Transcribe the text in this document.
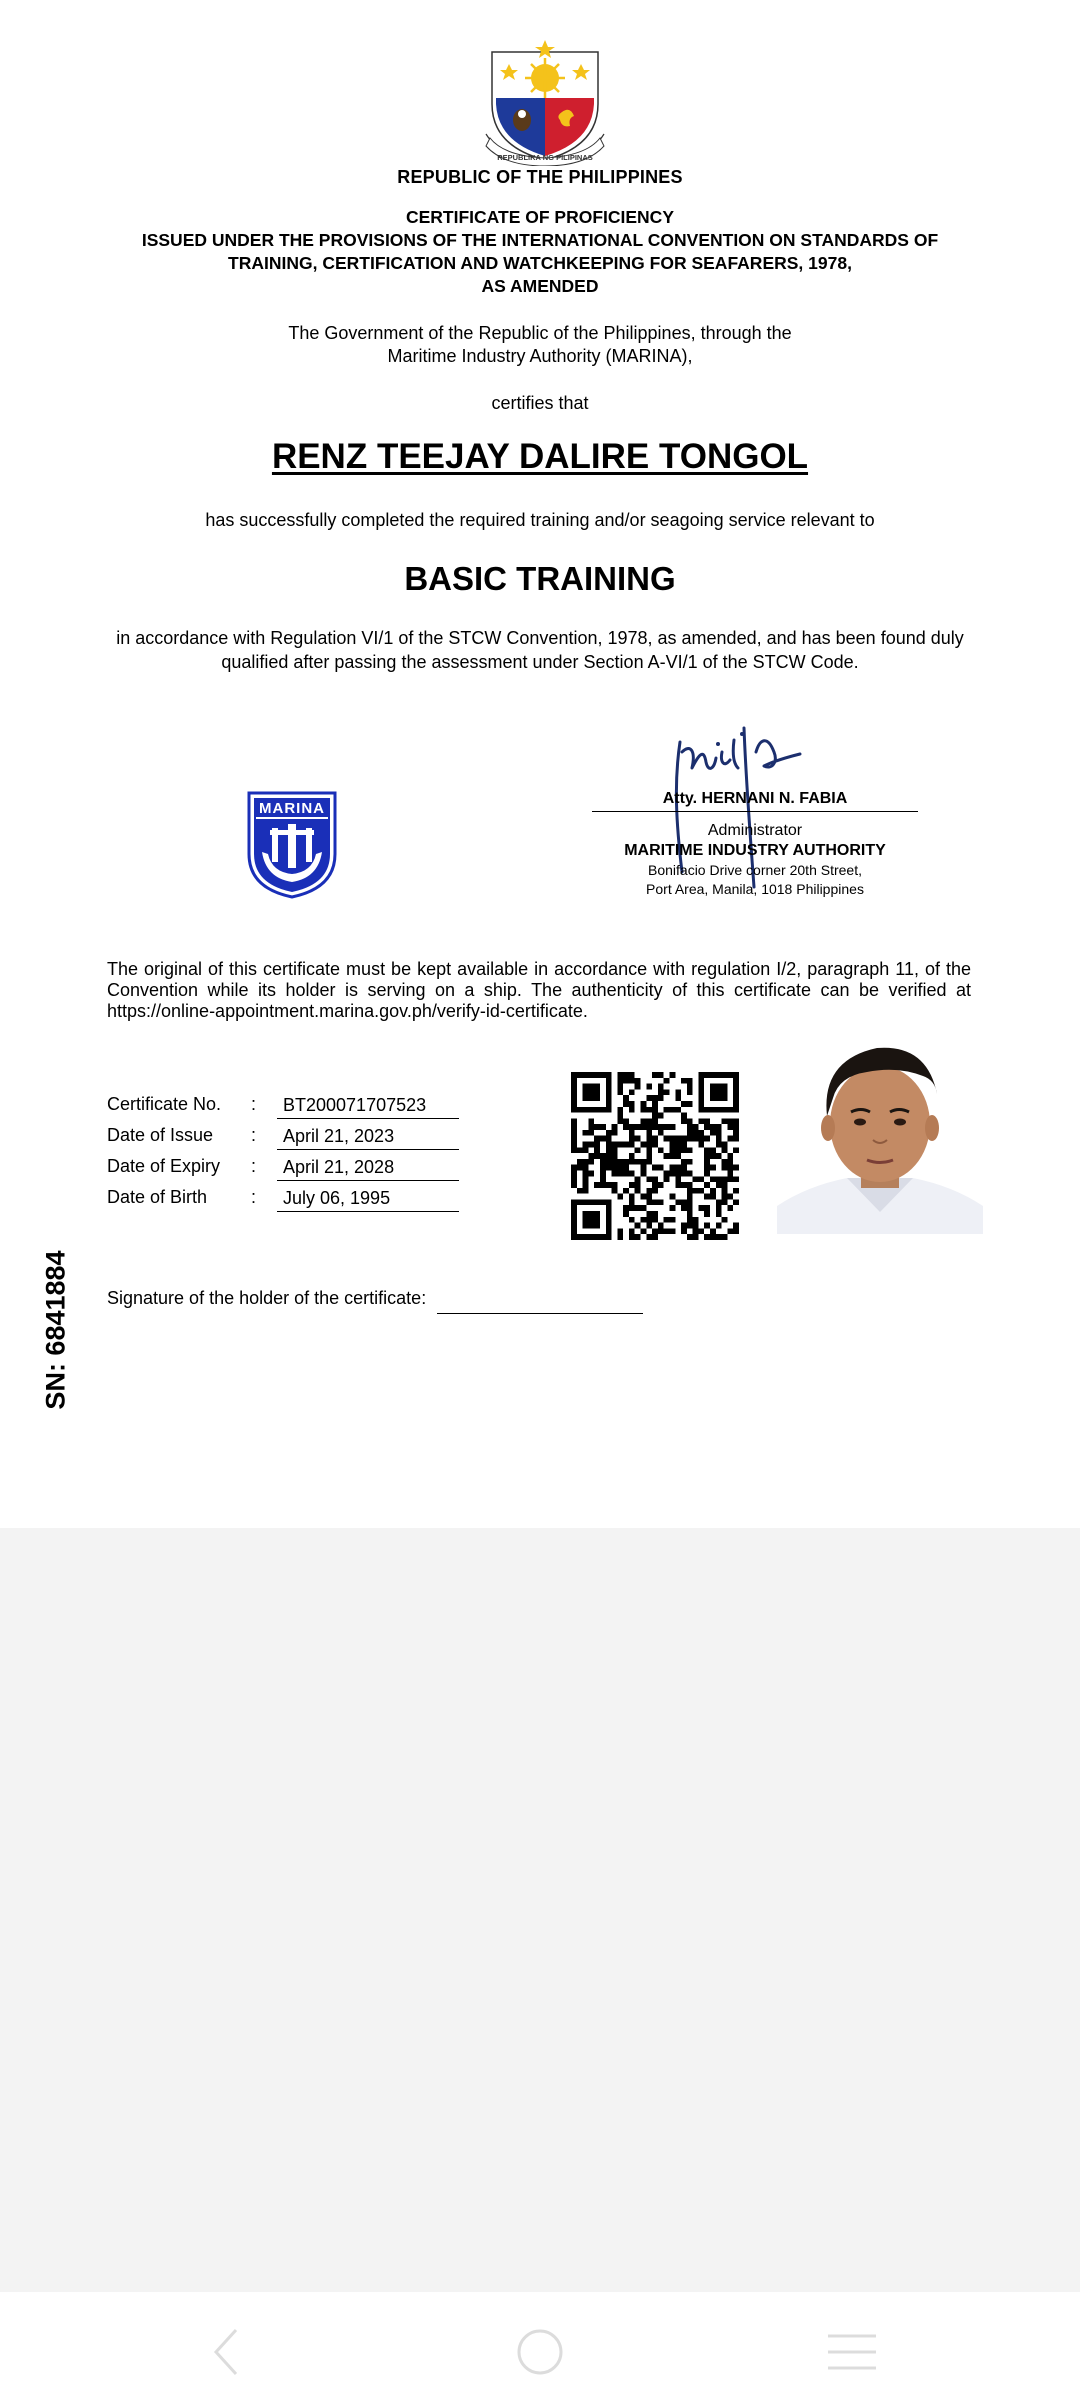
REPUBLIKA NG PILIPINAS
REPUBLIC OF THE PHILIPPINES
CERTIFICATE OF PROFICIENCY
ISSUED UNDER THE PROVISIONS OF THE INTERNATIONAL CONVENTION ON STANDARDS OF
TRAINING, CERTIFICATION AND WATCHKEEPING FOR SEAFARERS, 1978,
AS AMENDED
The Government of the Republic of the Philippines, through the
Maritime Industry Authority (MARINA),
certifies that
RENZ TEEJAY DALIRE TONGOL
has successfully completed the required training and/or seagoing service relevant to
BASIC TRAINING
in accordance with Regulation VI/1 of the STCW Convention, 1978, as amended, and has been found duly
qualified after passing the assessment under Section A-VI/1 of the STCW Code.
MARINA
Atty. HERNANI N. FABIA
Administrator
MARITIME INDUSTRY AUTHORITY
Bonifacio Drive corner 20th Street,
Port Area, Manila, 1018 Philippines
The original of this certificate must be kept available in accordance with regulation I/2, paragraph 11, of the Convention while its holder is serving on a ship. The authenticity of this certificate can be verified at https://online-appointment.marina.gov.ph/verify-id-certificate.
Certificate No. :	BT200071707523
Date of Issue :	April 21, 2023
Date of Expiry :	April 21, 2028
Date of Birth :	July 06, 1995
Signature of the holder of the certificate:
SN: 6841884
